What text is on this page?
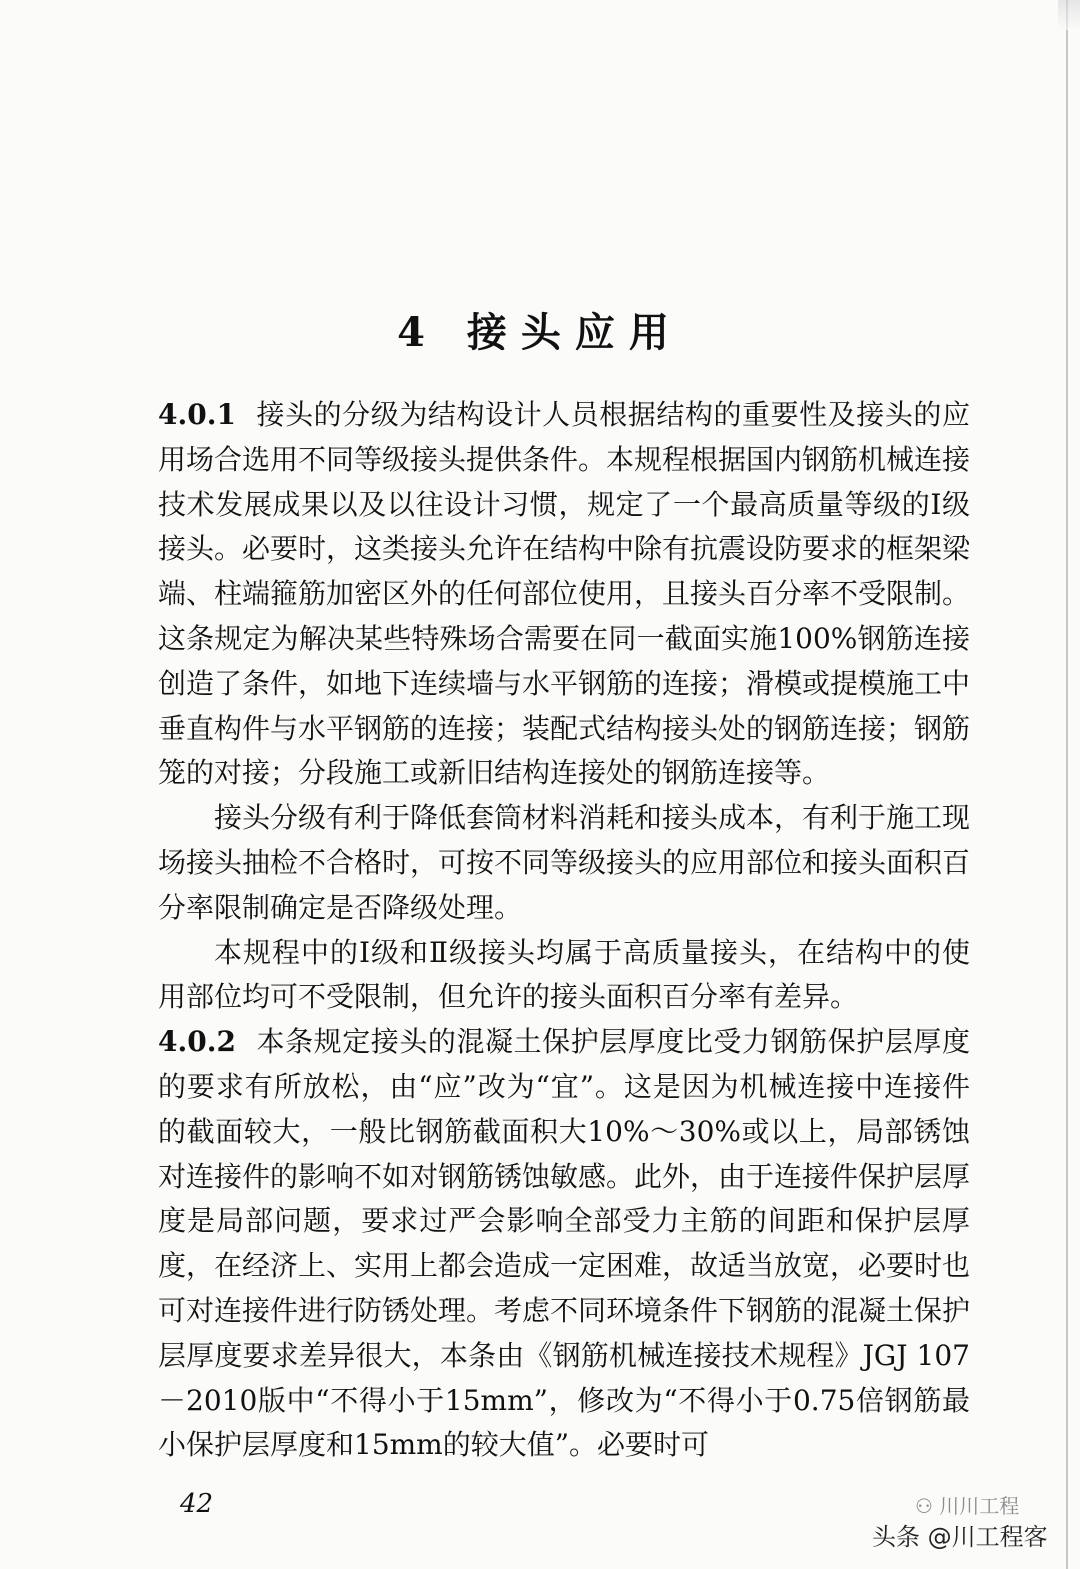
4 接头应用

4.0.1 接头的分级为结构设计人员根据结构的重要性及接头的应用场合选用不同等级接头提供条件。本规程根据国内钢筋机械连接技术发展成果以及以往设计习惯，规定了一个最高质量等级的Ⅰ级接头。必要时，这类接头允许在结构中除有抗震设防要求的框架梁端、柱端箍筋加密区外的任何部位使用，且接头百分率不受限制。这条规定为解决某些特殊场合需要在同一截面实施100%钢筋连接创造了条件，如地下连续墙与水平钢筋的连接；滑模或提模施工中垂直构件与水平钢筋的连接；装配式结构接头处的钢筋连接；钢筋笼的对接；分段施工或新旧结构连接处的钢筋连接等。

接头分级有利于降低套筒材料消耗和接头成本，有利于施工现场接头抽检不合格时，可按不同等级接头的应用部位和接头面积百分率限制确定是否降级处理。

本规程中的Ⅰ级和Ⅱ级接头均属于高质量接头，在结构中的使用部位均可不受限制，但允许的接头面积百分率有差异。

4.0.2 本条规定接头的混凝土保护层厚度比受力钢筋保护层厚度的要求有所放松，由“应”改为“宜”。这是因为机械连接中连接件的截面较大，一般比钢筋截面积大10%～30%或以上，局部锈蚀对连接件的影响不如对钢筋锈蚀敏感。此外，由于连接件保护层厚度是局部问题，要求过严会影响全部受力主筋的间距和保护层厚度，在经济上、实用上都会造成一定困难，故适当放宽，必要时也可对连接件进行防锈处理。考虑不同环境条件下钢筋的混凝土保护层厚度要求差异很大，本条由《钢筋机械连接技术规程》JGJ 107－2010版中“不得小于15mm”，修改为“不得小于0.75倍钢筋最小保护层厚度和15mm的较大值”。必要时可

42	⚇ 川川工程
头条 @川工程客
